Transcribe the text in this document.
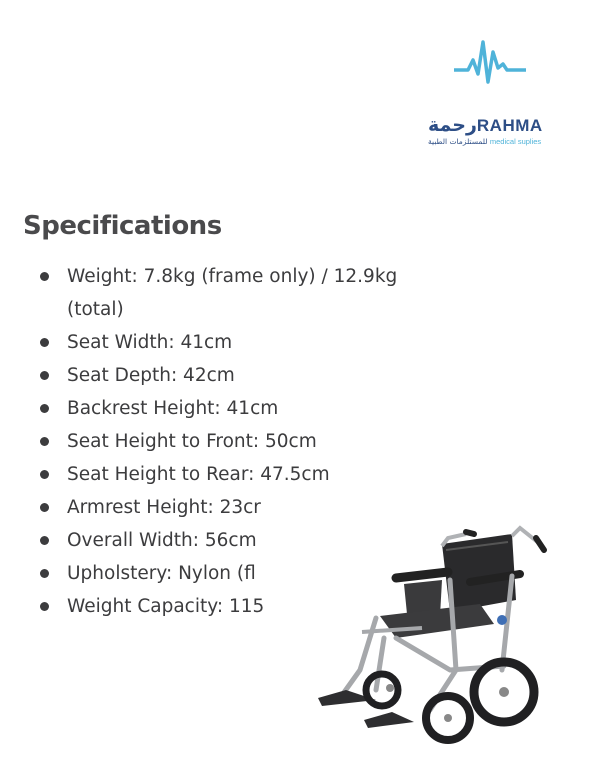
رحمةRAHMA
للمستلزمات الطبية medical suplies
Specifications
Weight: 7.8kg (frame only) / 12.9kg (total)
Seat Width: 41cm
Seat Depth: 42cm
Backrest Height: 41cm
Seat Height to Front: 50cm
Seat Height to Rear: 47.5cm
Armrest Height: 23cr
Overall Width: 56cm
Upholstery: Nylon (fl
Weight Capacity: 115
